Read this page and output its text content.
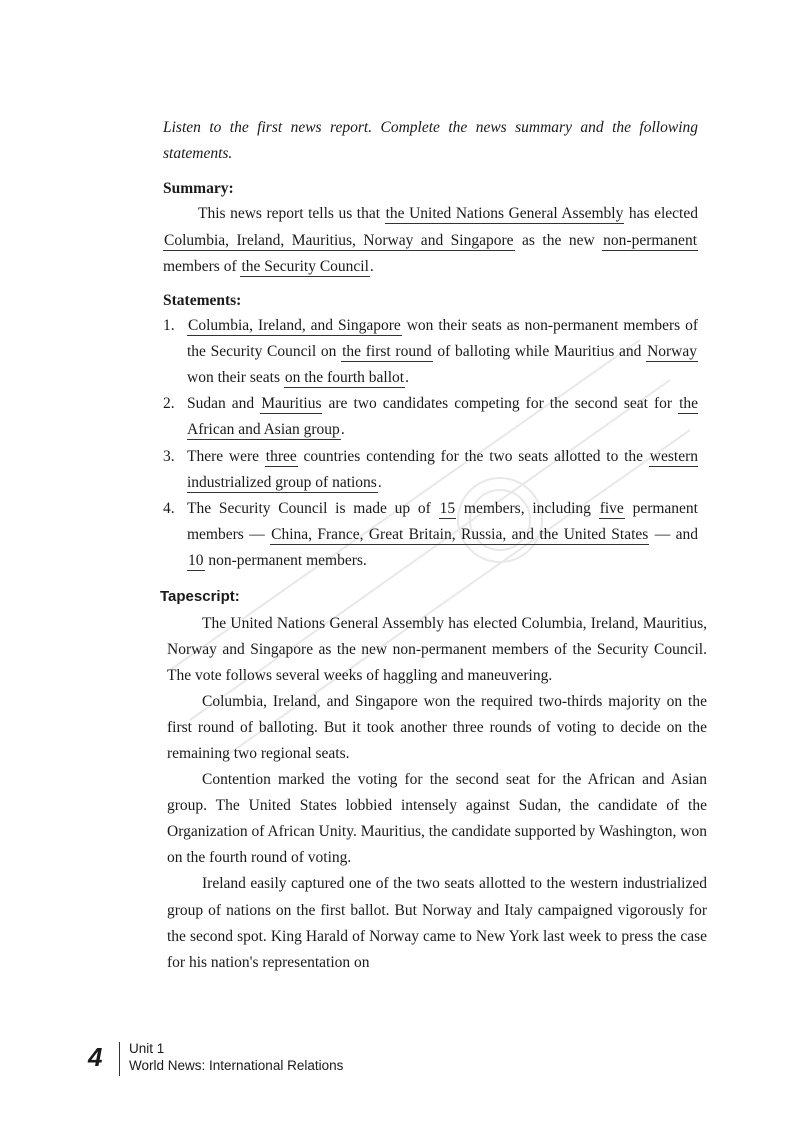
Listen to the first news report. Complete the news summary and the following statements.

Summary:

This news report tells us that the United Nations General Assembly has elected Columbia, Ireland, Mauritius, Norway and Singapore as the new non-permanent members of the Security Council.

Statements:

1. Columbia, Ireland, and Singapore won their seats as non-permanent members of the Security Council on the first round of balloting while Mauritius and Norway won their seats on the fourth ballot.
2. Sudan and Mauritius are two candidates competing for the second seat for the African and Asian group.
3. There were three countries contending for the two seats allotted to the western industrialized group of nations.
4. The Security Council is made up of 15 members, including five permanent members — China, France, Great Britain, Russia, and the United States — and 10 non-permanent members.

Tapescript:

The United Nations General Assembly has elected Columbia, Ireland, Mauritius, Norway and Singapore as the new non-permanent members of the Security Council. The vote follows several weeks of haggling and maneuvering.

Columbia, Ireland, and Singapore won the required two-thirds majority on the first round of balloting. But it took another three rounds of voting to decide on the remaining two regional seats.

Contention marked the voting for the second seat for the African and Asian group. The United States lobbied intensely against Sudan, the candidate of the Organization of African Unity. Mauritius, the candidate supported by Washington, won on the fourth round of voting.

Ireland easily captured one of the two seats allotted to the western industrialized group of nations on the first ballot. But Norway and Italy campaigned vigorously for the second spot. King Harald of Norway came to New York last week to press the case for his nation's representation on

4 Unit 1
World News: International Relations
